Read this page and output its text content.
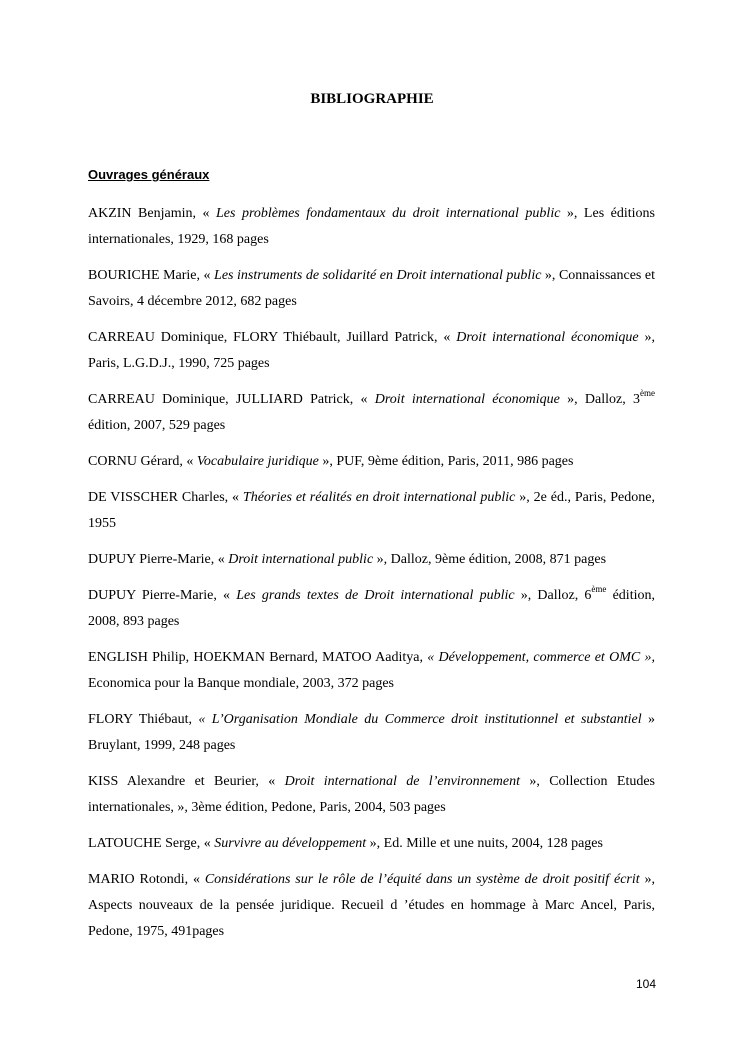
BIBLIOGRAPHIE
Ouvrages généraux
AKZIN Benjamin, « Les problèmes fondamentaux du droit international public », Les éditions internationales, 1929, 168 pages
BOURICHE Marie, « Les instruments de solidarité en Droit international public », Connaissances et Savoirs, 4 décembre 2012, 682 pages
CARREAU Dominique, FLORY Thiébault, Juillard Patrick, « Droit international économique », Paris, L.G.D.J., 1990, 725 pages
CARREAU Dominique, JULLIARD Patrick, « Droit international économique », Dalloz, 3ème édition, 2007, 529 pages
CORNU Gérard, « Vocabulaire juridique », PUF, 9ème édition, Paris, 2011, 986 pages
DE VISSCHER Charles, « Théories et réalités en droit international public », 2e éd., Paris, Pedone, 1955
DUPUY Pierre-Marie, « Droit international public », Dalloz, 9ème édition, 2008, 871 pages
DUPUY Pierre-Marie, « Les grands textes de Droit international public », Dalloz, 6ème édition, 2008, 893 pages
ENGLISH Philip, HOEKMAN Bernard, MATOO Aaditya, « Développement, commerce et OMC », Economica pour la Banque mondiale, 2003, 372 pages
FLORY Thiébaut, « L’Organisation Mondiale du Commerce droit institutionnel et substantiel » Bruylant, 1999, 248 pages
KISS Alexandre et Beurier, « Droit international de l’environnement », Collection Etudes internationales, », 3ème édition, Pedone, Paris, 2004, 503 pages
LATOUCHE Serge, « Survivre au développement », Ed. Mille et une nuits, 2004, 128 pages
MARIO Rotondi, « Considérations sur le rôle de l’équité dans un système de droit positif écrit », Aspects nouveaux de la pensée juridique. Recueil d ’études en hommage à Marc Ancel, Paris, Pedone, 1975, 491pages
104
